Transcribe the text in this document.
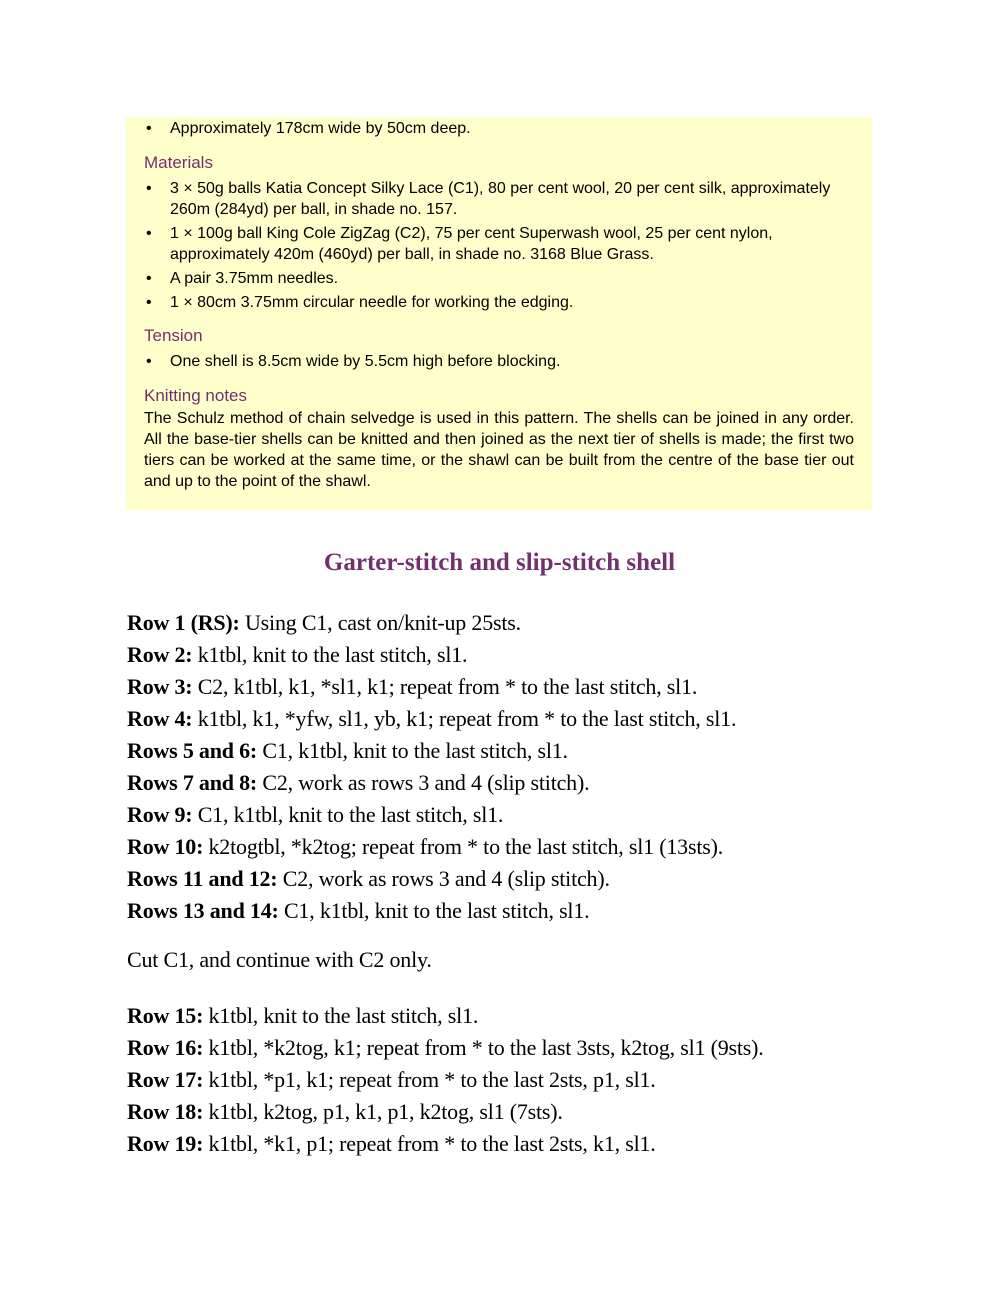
• Approximately 178cm wide by 50cm deep.
Materials
• 3 × 50g balls Katia Concept Silky Lace (C1), 80 per cent wool, 20 per cent silk, approximately 260m (284yd) per ball, in shade no. 157.
• 1 × 100g ball King Cole ZigZag (C2), 75 per cent Superwash wool, 25 per cent nylon, approximately 420m (460yd) per ball, in shade no. 3168 Blue Grass.
• A pair 3.75mm needles.
• 1 × 80cm 3.75mm circular needle for working the edging.
Tension
• One shell is 8.5cm wide by 5.5cm high before blocking.
Knitting notes

The Schulz method of chain selvedge is used in this pattern. The shells can be joined in any order. All the base-tier shells can be knitted and then joined as the next tier of shells is made; the first two tiers can be worked at the same time, or the shawl can be built from the centre of the base tier out and up to the point of the shawl.

Garter-stitch and slip-stitch shell

Row 1 (RS): Using C1, cast on/knit-up 25sts.

Row 2: k1tbl, knit to the last stitch, sl1.

Row 3: C2, k1tbl, k1, *sl1, k1; repeat from * to the last stitch, sl1.

Row 4: k1tbl, k1, *yfw, sl1, yb, k1; repeat from * to the last stitch, sl1.

Rows 5 and 6: C1, k1tbl, knit to the last stitch, sl1.

Rows 7 and 8: C2, work as rows 3 and 4 (slip stitch).

Row 9: C1, k1tbl, knit to the last stitch, sl1.

Row 10: k2togtbl, *k2tog; repeat from * to the last stitch, sl1 (13sts).

Rows 11 and 12: C2, work as rows 3 and 4 (slip stitch).

Rows 13 and 14: C1, k1tbl, knit to the last stitch, sl1.

Cut C1, and continue with C2 only.

Row 15: k1tbl, knit to the last stitch, sl1.

Row 16: k1tbl, *k2tog, k1; repeat from * to the last 3sts, k2tog, sl1 (9sts).

Row 17: k1tbl, *p1, k1; repeat from * to the last 2sts, p1, sl1.

Row 18: k1tbl, k2tog, p1, k1, p1, k2tog, sl1 (7sts).

Row 19: k1tbl, *k1, p1; repeat from * to the last 2sts, k1, sl1.
